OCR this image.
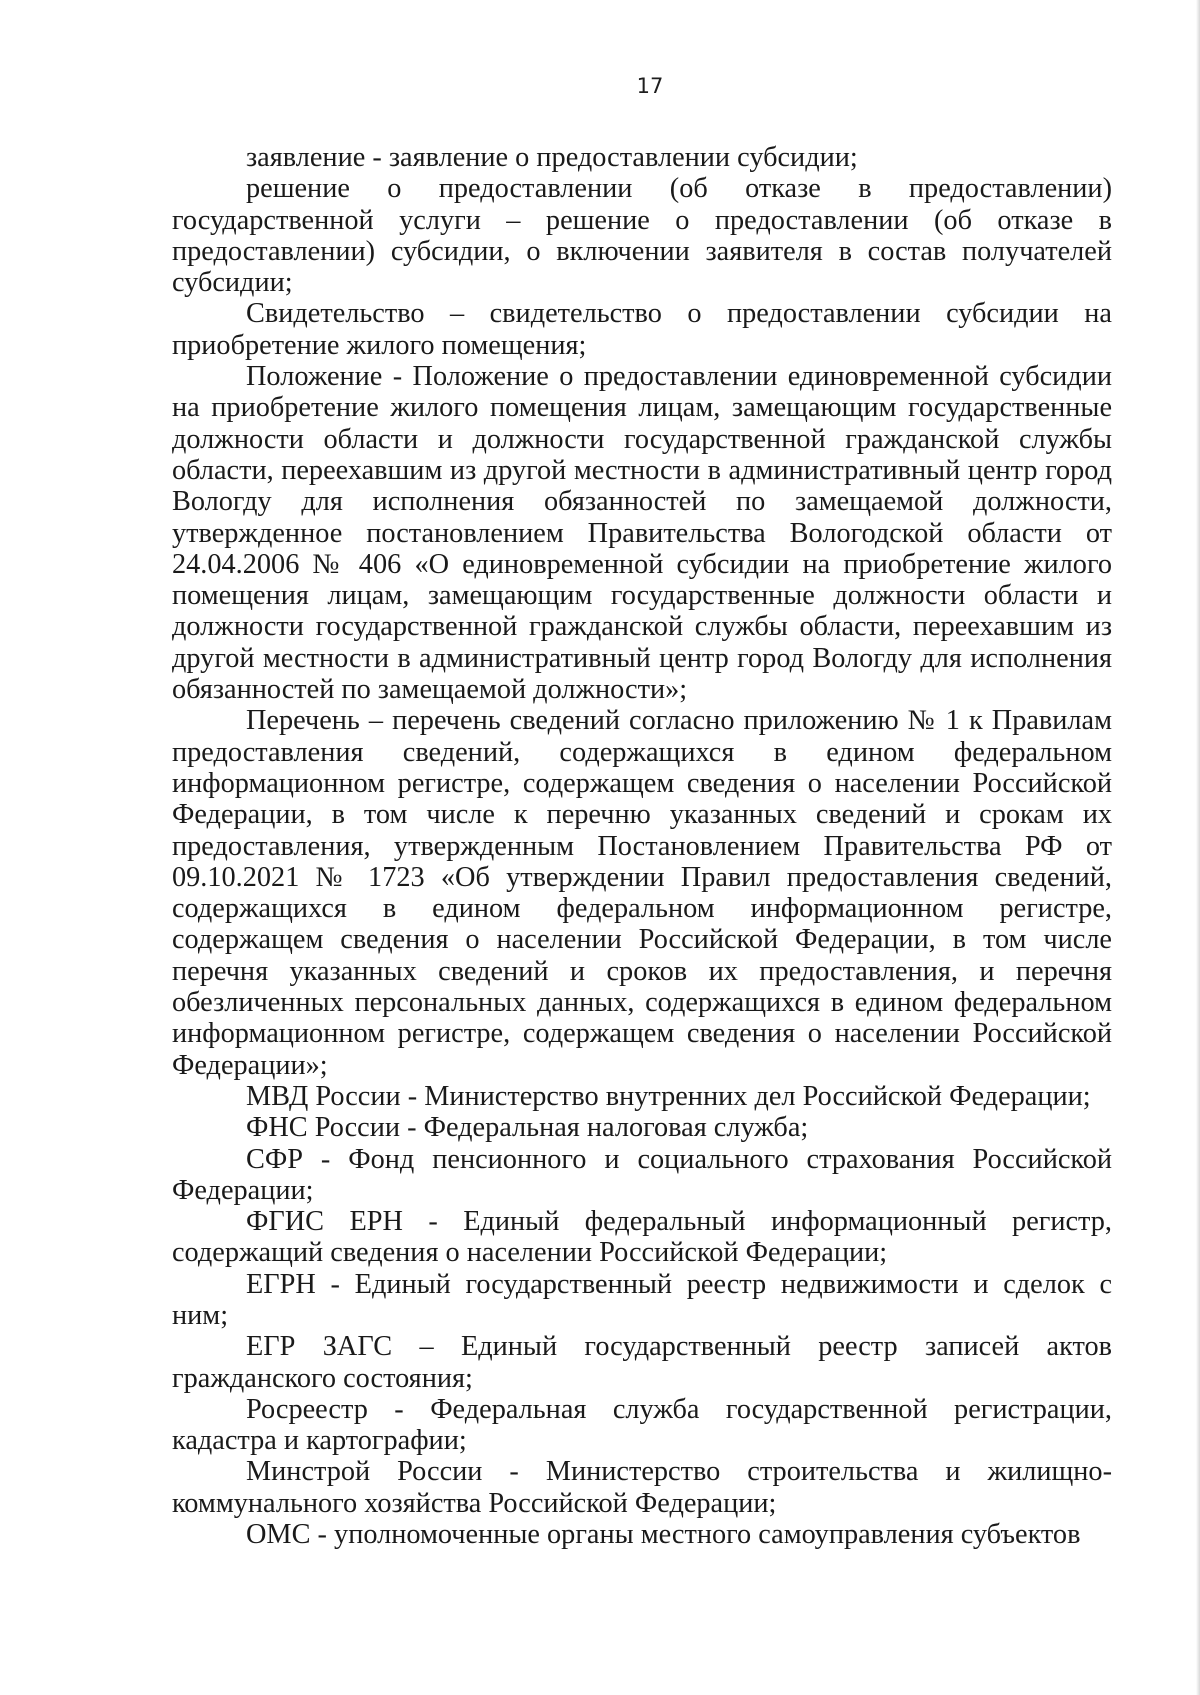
17

заявление - заявление о предоставлении субсидии;

решение о предоставлении (об отказе в предоставлении) государственной услуги – решение о предоставлении (об отказе в предоставлении) субсидии, о включении заявителя в состав получателей субсидии;

Свидетельство – свидетельство о предоставлении субсидии на приобретение жилого помещения;

Положение - Положение о предоставлении единовременной субсидии на приобретение жилого помещения лицам, замещающим государственные должности области и должности государственной гражданской службы области, переехавшим из другой местности в административный центр город Вологду для исполнения обязанностей по замещаемой должности, утвержденное постановлением Правительства Вологодской области от 24.04.2006 № 406 «О единовременной субсидии на приобретение жилого помещения лицам, замещающим государственные должности области и должности государственной гражданской службы области, переехавшим из другой местности в административный центр город Вологду для исполнения обязанностей по замещаемой должности»;

Перечень – перечень сведений согласно приложению № 1 к Правилам предоставления сведений, содержащихся в едином федеральном информационном регистре, содержащем сведения о населении Российской Федерации, в том числе к перечню указанных сведений и срокам их предоставления, утвержденным Постановлением Правительства РФ от 09.10.2021 № 1723 «Об утверждении Правил предоставления сведений, содержащихся в едином федеральном информационном регистре, содержащем сведения о населении Российской Федерации, в том числе перечня указанных сведений и сроков их предоставления, и перечня обезличенных персональных данных, содержащихся в едином федеральном информационном регистре, содержащем сведения о населении Российской Федерации»;

МВД России - Министерство внутренних дел Российской Федерации;

ФНС России - Федеральная налоговая служба;

СФР - Фонд пенсионного и социального страхования Российской Федерации;

ФГИС ЕРН - Единый федеральный информационный регистр, содержащий сведения о населении Российской Федерации;

ЕГРН - Единый государственный реестр недвижимости и сделок с ним;

ЕГР ЗАГС – Единый государственный реестр записей актов гражданского состояния;

Росреестр - Федеральная служба государственной регистрации, кадастра и картографии;

Минстрой России - Министерство строительства и жилищно-коммунального хозяйства Российской Федерации;

ОМС - уполномоченные органы местного самоуправления субъектов
